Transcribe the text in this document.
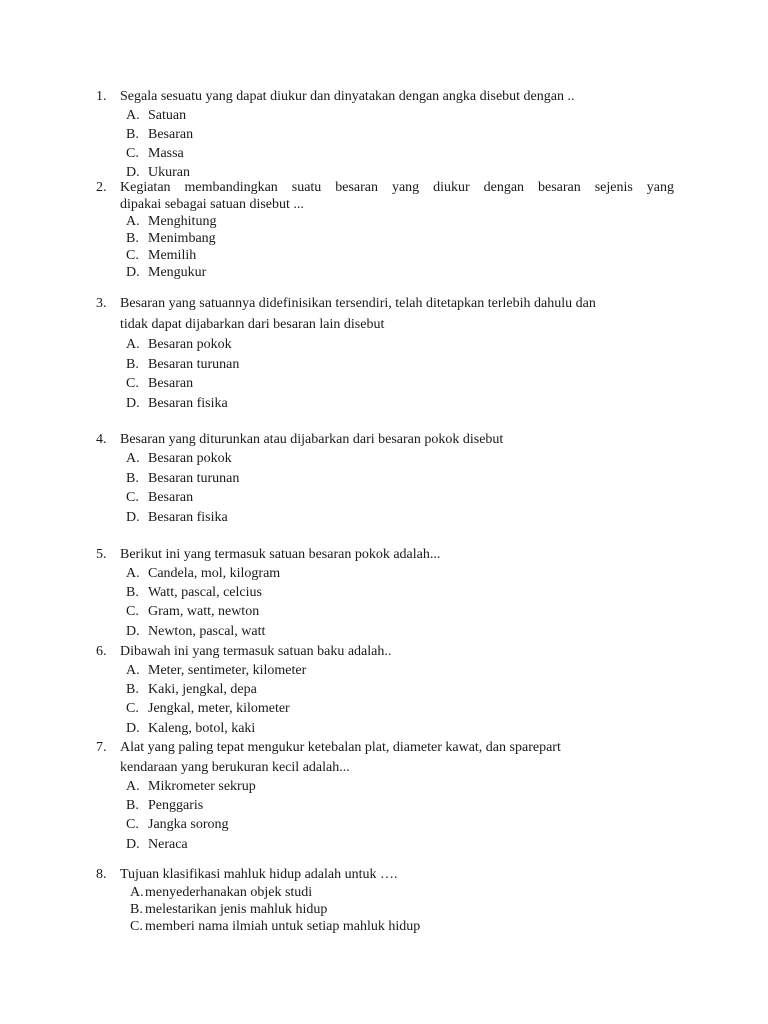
1. Segala sesuatu yang dapat diukur dan dinyatakan dengan angka disebut dengan ..
A. Satuan
B. Besaran
C. Massa
D. Ukuran
2. Kegiatan membandingkan suatu besaran yang diukur dengan besaran sejenis yang
dipakai sebagai satuan disebut ...
A. Menghitung
B. Menimbang
C. Memilih
D. Mengukur
3. Besaran yang satuannya didefinisikan tersendiri, telah ditetapkan terlebih dahulu dan
tidak dapat dijabarkan dari besaran lain disebut
A. Besaran pokok
B. Besaran turunan
C. Besaran
D. Besaran fisika
4. Besaran yang diturunkan atau dijabarkan dari besaran pokok disebut
A. Besaran pokok
B. Besaran turunan
C. Besaran
D. Besaran fisika
5. Berikut ini yang termasuk satuan besaran pokok adalah...
A. Candela, mol, kilogram
B. Watt, pascal, celcius
C. Gram, watt, newton
D. Newton, pascal, watt
6. Dibawah ini yang termasuk satuan baku adalah..
A. Meter, sentimeter, kilometer
B. Kaki, jengkal, depa
C. Jengkal, meter, kilometer
D. Kaleng, botol, kaki
7. Alat yang paling tepat mengukur ketebalan plat, diameter kawat, dan sparepart
kendaraan yang berukuran kecil adalah...
A. Mikrometer sekrup
B. Penggaris
C. Jangka sorong
D. Neraca
8. Tujuan klasifikasi mahluk hidup adalah untuk ….
A. menyederhanakan objek studi
B. melestarikan jenis mahluk hidup
C. memberi nama ilmiah untuk setiap mahluk hidup
